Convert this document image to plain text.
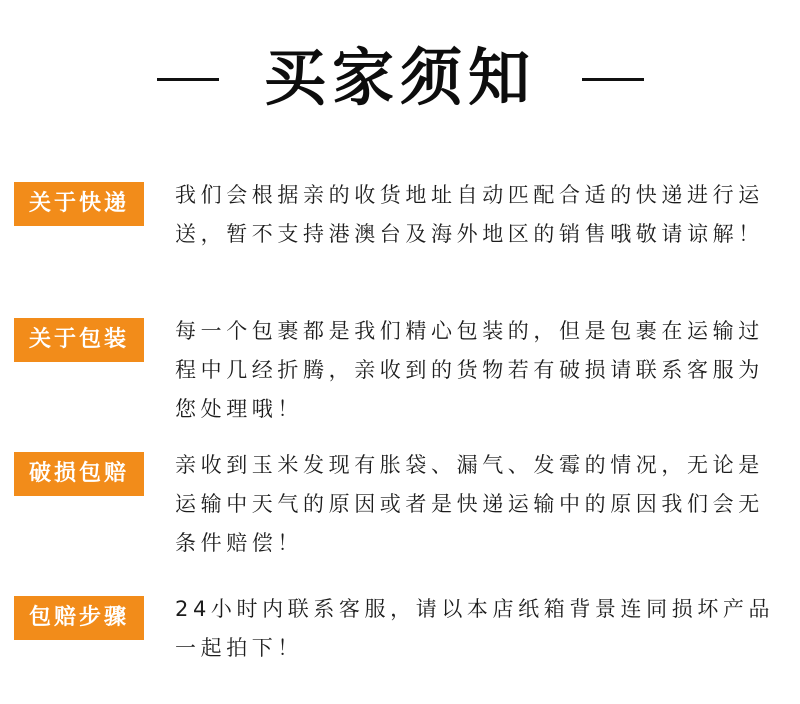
买家须知
关于快递	我们会根据亲的收货地址自动匹配合适的快递进行运送，暂不支持港澳台及海外地区的销售哦敬请谅解！
关于包装	每一个包裹都是我们精心包装的，但是包裹在运输过程中几经折腾，亲收到的货物若有破损请联系客服为您处理哦！
破损包赔	亲收到玉米发现有胀袋、漏气、发霉的情况，无论是运输中天气的原因或者是快递运输中的原因我们会无条件赔偿！
包赔步骤	24小时内联系客服，请以本店纸箱背景连同损坏产品一起拍下！
